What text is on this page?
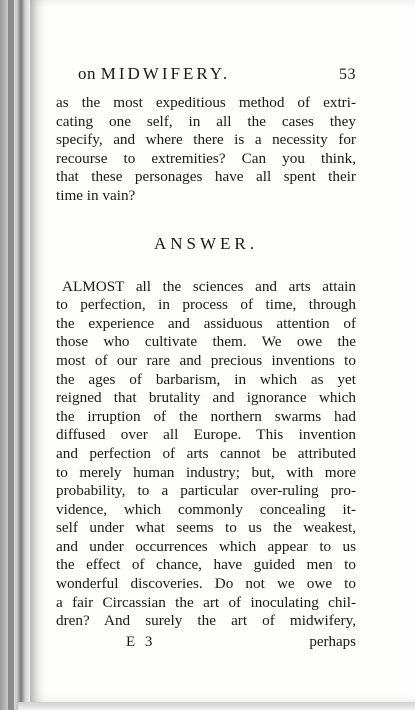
on MIDWIFERY.	53
as the most expeditious method of extri-
cating one self, in all the cases they
specify, and where there is a necessity for
recourse to extremities? Can you think,
that these personages have all spent their
time in vain?
ANSWER.
ALMOST all the sciences and arts attain
to perfection, in process of time, through
the experience and assiduous attention of
those who cultivate them. We owe the
most of our rare and precious inventions to
the ages of barbarism, in which as yet
reigned that brutality and ignorance which
the irruption of the northern swarms had
diffused over all Europe. This invention
and perfection of arts cannot be attributed
to merely human industry; but, with more
probability, to a particular over-ruling pro-
vidence, which commonly concealing it-
self under what seems to us the weakest,
and under occurrences which appear to us
the effect of chance, have guided men to
wonderful discoveries. Do not we owe to
a fair Circassian the art of inoculating chil-
dren? And surely the art of midwifery,
E 3	perhaps
